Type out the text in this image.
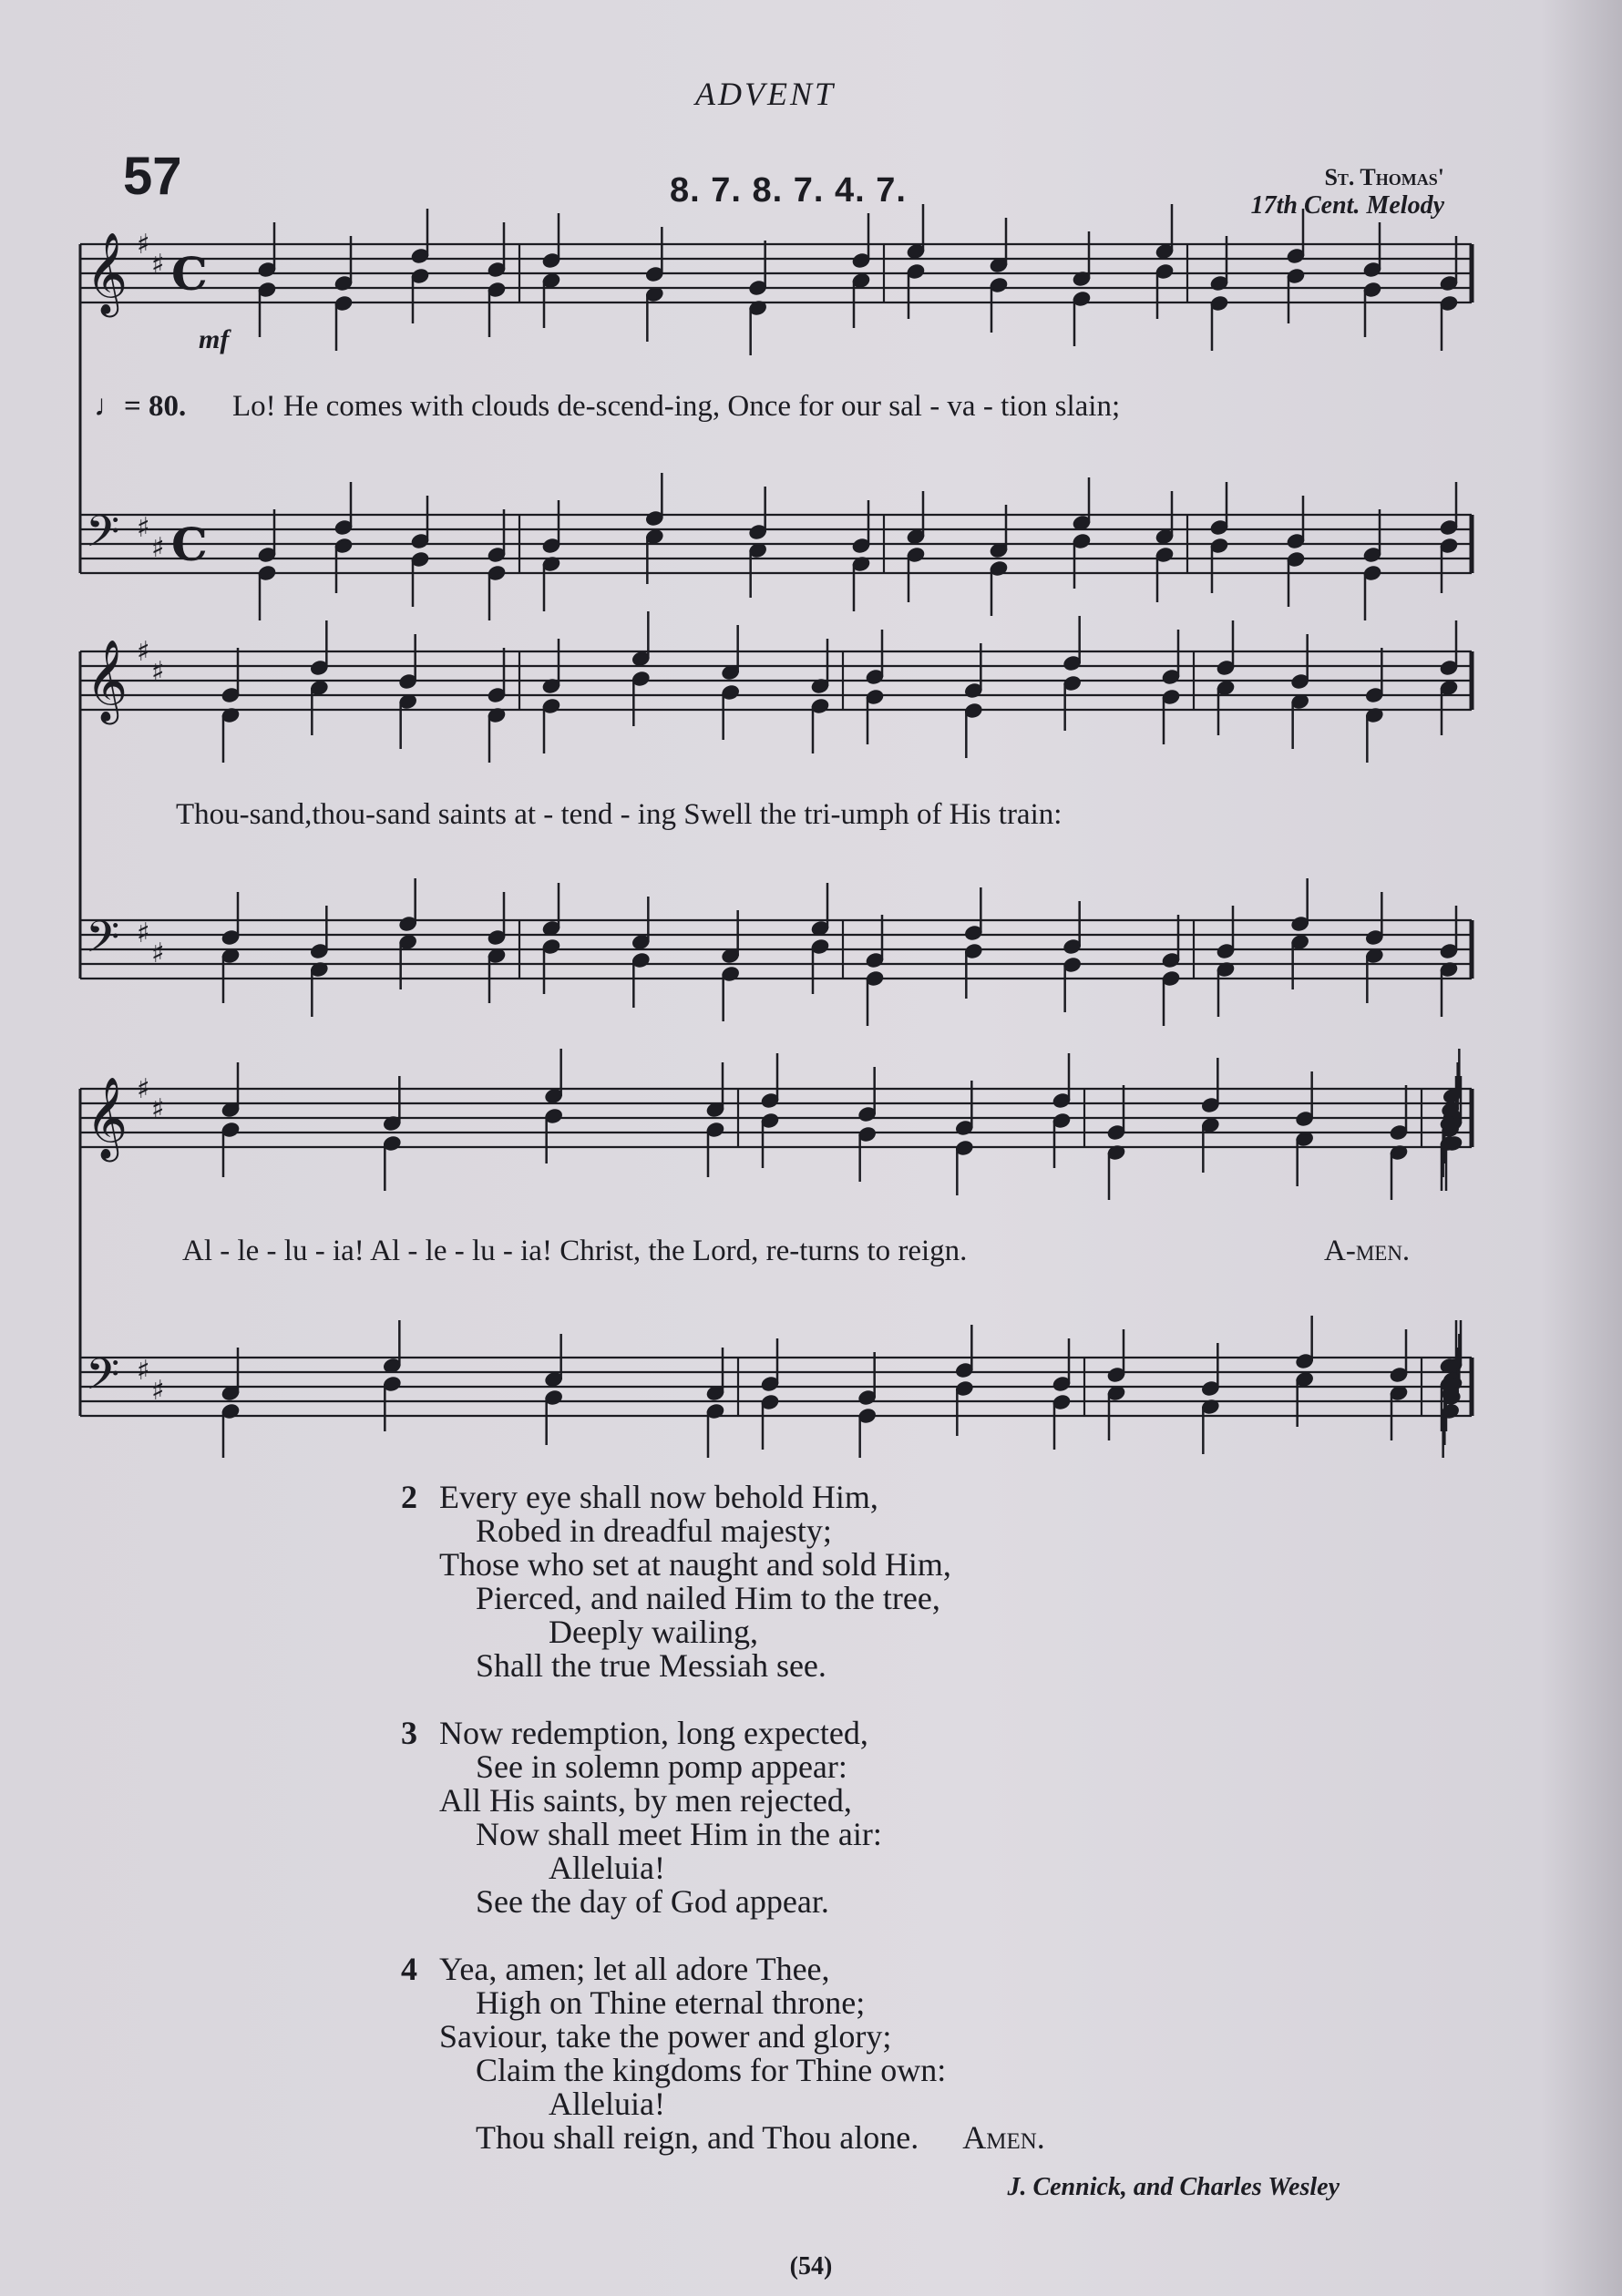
ADVENT
57	8. 7. 8. 7. 4. 7.	St. Thomas'
17th Cent. Melody
𝄞 ♯
♯ C
𝄢 ♯
♯ C
𝄞 ♯
♯
𝄢 ♯
♯
𝄞 ♯
♯
𝄢 ♯
♯
mf
♩= 80. Lo! He comes with clouds de-scend-ing, Once for our sal - va - tion slain;
Thou-sand,thou-sand saints at - tend - ing Swell the tri-umph of His train:
Al - le - lu - ia! Al - le - lu - ia! Christ, the Lord, re-turns to reign.	A-men.
2 Every eye shall now behold Him,
Robed in dreadful majesty;
Those who set at naught and sold Him,
Pierced, and nailed Him to the tree,
Deeply wailing,
Shall the true Messiah see.
3 Now redemption, long expected,
See in solemn pomp appear:
All His saints, by men rejected,
Now shall meet Him in the air:
Alleluia!
See the day of God appear.
4 Yea, amen; let all adore Thee,
High on Thine eternal throne;
Saviour, take the power and glory;
Claim the kingdoms for Thine own:
Alleluia!
Thou shall reign, and Thou alone. Amen.
J. Cennick, and Charles Wesley
(54)
